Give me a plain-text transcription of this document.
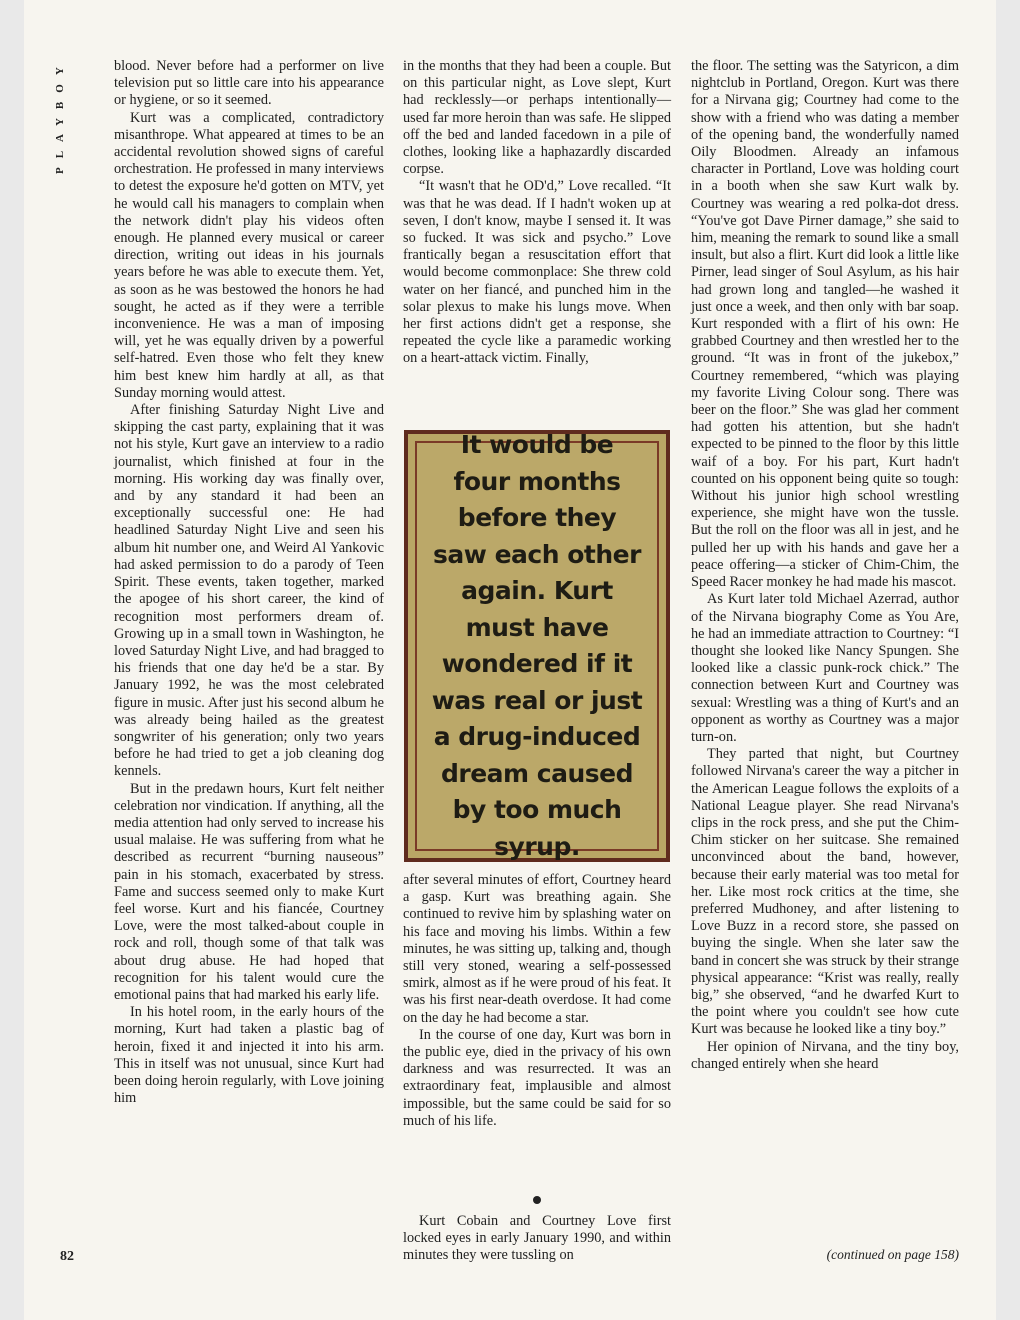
PLAYBOY
82

blood. Never before had a performer on live television put so little care into his appearance or hygiene, or so it seemed.

Kurt was a complicated, contradictory misanthrope. What appeared at times to be an accidental revolution showed signs of careful orchestration. He professed in many interviews to detest the exposure he'd gotten on MTV, yet he would call his managers to complain when the network didn't play his videos often enough. He planned every musical or career direction, writing out ideas in his journals years before he was able to execute them. Yet, as soon as he was bestowed the honors he had sought, he acted as if they were a terrible inconvenience. He was a man of imposing will, yet he was equally driven by a powerful self-hatred. Even those who felt they knew him best knew him hardly at all, as that Sunday morning would attest.

After finishing Saturday Night Live and skipping the cast party, explaining that it was not his style, Kurt gave an interview to a radio journalist, which finished at four in the morning. His working day was finally over, and by any standard it had been an exceptionally successful one: He had headlined Saturday Night Live and seen his album hit number one, and Weird Al Yankovic had asked permission to do a parody of Teen Spirit. These events, taken together, marked the apogee of his short career, the kind of recognition most performers dream of. Growing up in a small town in Washington, he loved Saturday Night Live, and had bragged to his friends that one day he'd be a star. By January 1992, he was the most celebrated figure in music. After just his second album he was already being hailed as the greatest songwriter of his generation; only two years before he had tried to get a job cleaning dog kennels.

But in the predawn hours, Kurt felt neither celebration nor vindication. If anything, all the media attention had only served to increase his usual malaise. He was suffering from what he described as recurrent “burning nauseous” pain in his stomach, exacerbated by stress. Fame and success seemed only to make Kurt feel worse. Kurt and his fiancée, Courtney Love, were the most talked-about couple in rock and roll, though some of that talk was about drug abuse. He had hoped that recognition for his talent would cure the emotional pains that had marked his early life.

In his hotel room, in the early hours of the morning, Kurt had taken a plastic bag of heroin, fixed it and injected it into his arm. This in itself was not unusual, since Kurt had been doing heroin regularly, with Love joining him

in the months that they had been a couple. But on this particular night, as Love slept, Kurt had recklessly—or perhaps intentionally—used far more heroin than was safe. He slipped off the bed and landed facedown in a pile of clothes, looking like a haphazardly discarded corpse.

“It wasn't that he OD'd,” Love recalled. “It was that he was dead. If I hadn't woken up at seven, I don't know, maybe I sensed it. It was so fucked. It was sick and psycho.” Love frantically began a resuscitation effort that would become commonplace: She threw cold water on her fiancé, and punched him in the solar plexus to make his lungs move. When her first actions didn't get a response, she repeated the cycle like a paramedic working on a heart-attack victim. Finally,

It would be four months before they saw each other again. Kurt must have wondered if it was real or just a drug-induced dream caused by too much syrup.

after several minutes of effort, Courtney heard a gasp. Kurt was breathing again. She continued to revive him by splashing water on his face and moving his limbs. Within a few minutes, he was sitting up, talking and, though still very stoned, wearing a self-possessed smirk, almost as if he were proud of his feat. It was his first near-death overdose. It had come on the day he had become a star.

In the course of one day, Kurt was born in the public eye, died in the privacy of his own darkness and was resurrected. It was an extraordinary feat, implausible and almost impossible, but the same could be said for so much of his life.

Kurt Cobain and Courtney Love first locked eyes in early January 1990, and within minutes they were tussling on

the floor. The setting was the Satyricon, a dim nightclub in Portland, Oregon. Kurt was there for a Nirvana gig; Courtney had come to the show with a friend who was dating a member of the opening band, the wonderfully named Oily Bloodmen. Already an infamous character in Portland, Love was holding court in a booth when she saw Kurt walk by. Courtney was wearing a red polka-dot dress. “You've got Dave Pirner damage,” she said to him, meaning the remark to sound like a small insult, but also a flirt. Kurt did look a little like Pirner, lead singer of Soul Asylum, as his hair had grown long and tangled—he washed it just once a week, and then only with bar soap. Kurt responded with a flirt of his own: He grabbed Courtney and then wrestled her to the ground. “It was in front of the jukebox,” Courtney remembered, “which was playing my favorite Living Colour song. There was beer on the floor.” She was glad her comment had gotten his attention, but she hadn't expected to be pinned to the floor by this little waif of a boy. For his part, Kurt hadn't counted on his opponent being quite so tough: Without his junior high school wrestling experience, she might have won the tussle. But the roll on the floor was all in jest, and he pulled her up with his hands and gave her a peace offering—a sticker of Chim-Chim, the Speed Racer monkey he had made his mascot.

As Kurt later told Michael Azerrad, author of the Nirvana biography Come as You Are, he had an immediate attraction to Courtney: “I thought she looked like Nancy Spungen. She looked like a classic punk-rock chick.” The connection between Kurt and Courtney was sexual: Wrestling was a thing of Kurt's and an opponent as worthy as Courtney was a major turn-on.

They parted that night, but Courtney followed Nirvana's career the way a pitcher in the American League follows the exploits of a National League player. She read Nirvana's clips in the rock press, and she put the Chim-Chim sticker on her suitcase. She remained unconvinced about the band, however, because their early material was too metal for her. Like most rock critics at the time, she preferred Mudhoney, and after listening to Love Buzz in a record store, she passed on buying the single. When she later saw the band in concert she was struck by their strange physical appearance: “Krist was really, really big,” she observed, “and he dwarfed Kurt to the point where you couldn't see how cute Kurt was because he looked like a tiny boy.”

Her opinion of Nirvana, and the tiny boy, changed entirely when she heard

(continued on page 158)
